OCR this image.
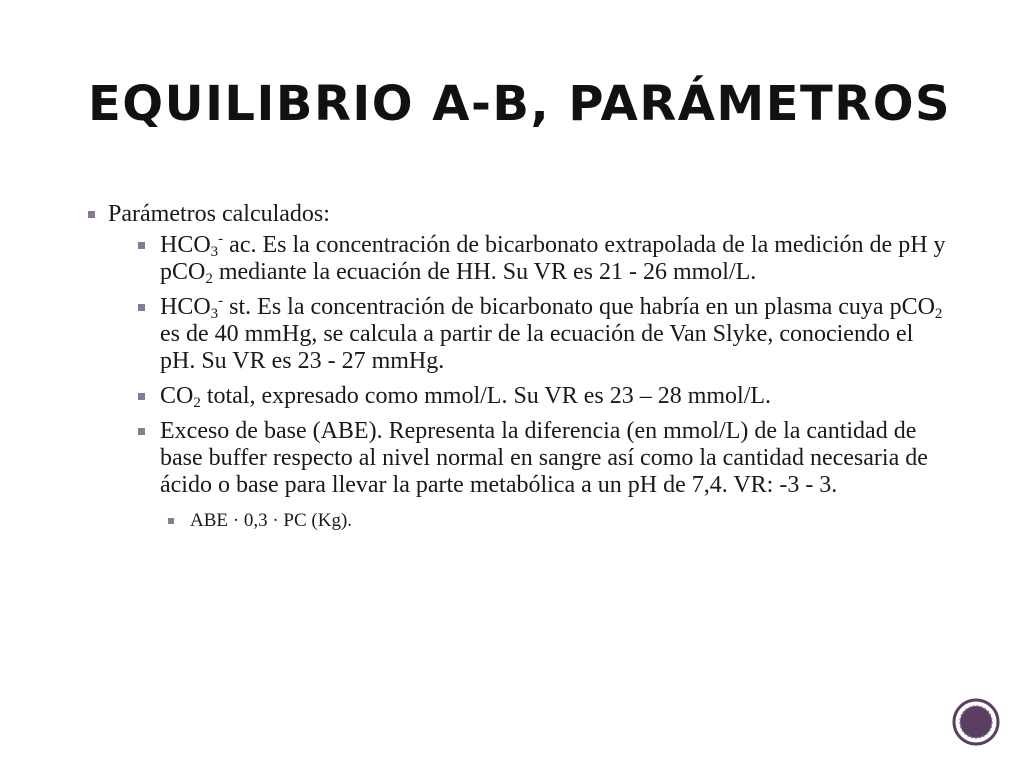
EQUILIBRIO A-B, PARÁMETROS
Parámetros calculados:
$HCO_3^-$ ac. Es la concentración de bicarbonato extrapolada de la medición de pH y pCO$_2$ mediante la ecuación de HH. Su VR es 21 - 26 mmol/L.
$HCO_3^-$ st. Es la concentración de bicarbonato que habría en un plasma cuya pCO$_2$ es de 40 mmHg, se calcula a partir de la ecuación de Van Slyke, conociendo el pH. Su VR es 23 - 27 mmHg.
$CO_2$ total, expresado como mmol/L. Su VR es 23 – 28 mmol/L.
Exceso de base (ABE). Representa la diferencia (en mmol/L) de la cantidad de base buffer respecto al nivel normal en sangre así como la cantidad necesaria de ácido o base para llevar la parte metabólica a un pH de 7,4. VR: -3 - 3.
ABE · 0,3 · PC (Kg).
